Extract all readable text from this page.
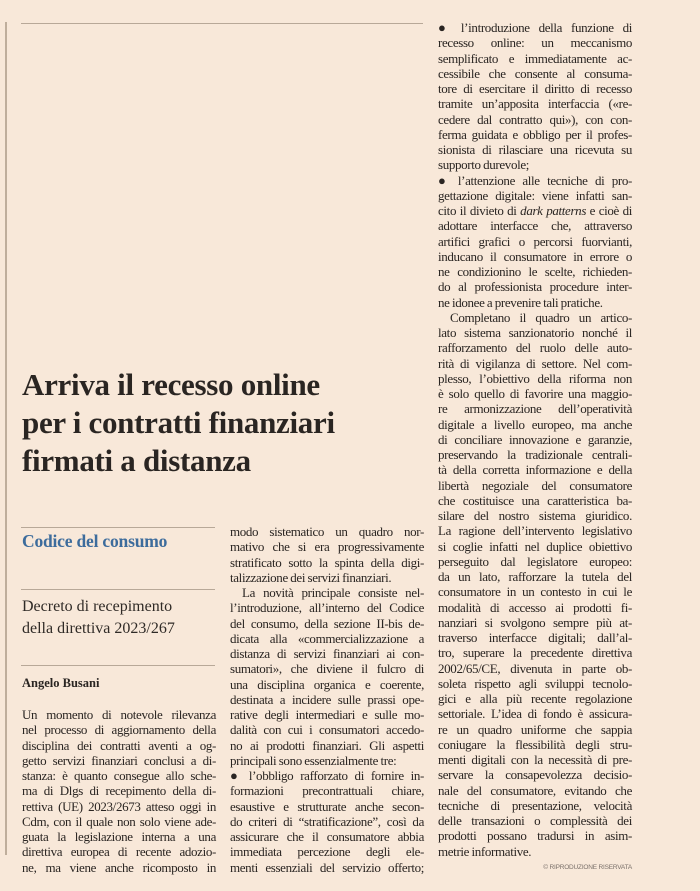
Arriva il recesso online
per i contratti finanziari
firmati a distanza
Codice del consumo
Decreto di recepimento
della direttiva 2023/267
Angelo Busani
Un momento di notevole rilevanza
nel processo di aggiornamento della
disciplina dei contratti aventi a og-
getto servizi finanziari conclusi a di-
stanza: è quanto consegue allo sche-
ma di Dlgs di recepimento della di-
rettiva (UE) 2023/2673 atteso oggi in
Cdm, con il quale non solo viene ade-
guata la legislazione interna a una
direttiva europea di recente adozio-
ne, ma viene anche ricomposto in
modo sistematico un quadro nor-
mativo che si era progressivamente
stratificato sotto la spinta della digi-
talizzazione dei servizi finanziari.
La novità principale consiste nel-
l’introduzione, all’interno del Codice
del consumo, della sezione II-bis de-
dicata alla «commercializzazione a
distanza di servizi finanziari ai con-
sumatori», che diviene il fulcro di
una disciplina organica e coerente,
destinata a incidere sulle prassi ope-
rative degli intermediari e sulle mo-
dalità con cui i consumatori accedo-
no ai prodotti finanziari. Gli aspetti
principali sono essenzialmente tre:
● l’obbligo rafforzato di fornire in-
formazioni precontrattuali chiare,
esaustive e strutturate anche secon-
do criteri di “stratificazione”, così da
assicurare che il consumatore abbia
immediata percezione degli ele-
menti essenziali del servizio offerto;
● l’introduzione della funzione di
recesso online: un meccanismo
semplificato e immediatamente ac-
cessibile che consente al consuma-
tore di esercitare il diritto di recesso
tramite un’apposita interfaccia («re-
cedere dal contratto qui»), con con-
ferma guidata e obbligo per il profes-
sionista di rilasciare una ricevuta su
supporto durevole;
● l’attenzione alle tecniche di pro-
gettazione digitale: viene infatti san-
cito il divieto di dark patterns e cioè di
adottare interfacce che, attraverso
artifici grafici o percorsi fuorvianti,
inducano il consumatore in errore o
ne condizionino le scelte, richieden-
do al professionista procedure inter-
ne idonee a prevenire tali pratiche.
Completano il quadro un artico-
lato sistema sanzionatorio nonché il
rafforzamento del ruolo delle auto-
rità di vigilanza di settore. Nel com-
plesso, l’obiettivo della riforma non
è solo quello di favorire una maggio-
re armonizzazione dell’operatività
digitale a livello europeo, ma anche
di conciliare innovazione e garanzie,
preservando la tradizionale centrali-
tà della corretta informazione e della
libertà negoziale del consumatore
che costituisce una caratteristica ba-
silare del nostro sistema giuridico.
La ragione dell’intervento legislativo
si coglie infatti nel duplice obiettivo
perseguito dal legislatore europeo:
da un lato, rafforzare la tutela del
consumatore in un contesto in cui le
modalità di accesso ai prodotti fi-
nanziari si svolgono sempre più at-
traverso interfacce digitali; dall’al-
tro, superare la precedente direttiva
2002/65/CE, divenuta in parte ob-
soleta rispetto agli sviluppi tecnolo-
gici e alla più recente regolazione
settoriale. L’idea di fondo è assicura-
re un quadro uniforme che sappia
coniugare la flessibilità degli stru-
menti digitali con la necessità di pre-
servare la consapevolezza decisio-
nale del consumatore, evitando che
tecniche di presentazione, velocità
delle transazioni o complessità dei
prodotti possano tradursi in asim-
metrie informative.
© RIPRODUZIONE RISERVATA
